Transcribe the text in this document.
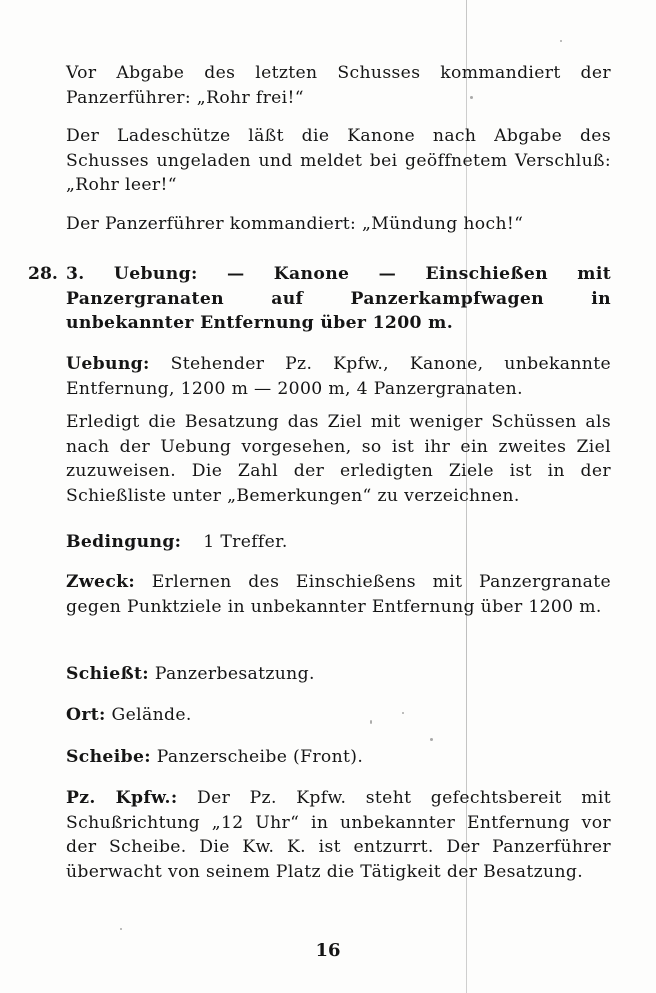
Vor Abgabe des letzten Schusses kommandiert der Panzerführer: „Rohr frei!“
Der Ladeschütze läßt die Kanone nach Abgabe des Schusses ungeladen und meldet bei geöffnetem Verschluß: „Rohr leer!“
Der Panzerführer kommandiert: „Mündung hoch!“
28. 3. Uebung: — Kanone — Einschießen mit Panzergranaten auf Panzerkampfwagen in unbekannter Entfernung über 1200 m.
Uebung: Stehender Pz. Kpfw., Kanone, unbekannte Entfernung, 1200 m — 2000 m, 4 Panzergranaten.
Erledigt die Besatzung das Ziel mit weniger Schüssen als nach der Uebung vorgesehen, so ist ihr ein zweites Ziel zuzuweisen. Die Zahl der erledigten Ziele ist in der Schießliste unter „Bemerkungen“ zu verzeichnen.
Bedingung: 1 Treffer.
Zweck: Erlernen des Einschießens mit Panzergranate gegen Punktziele in unbekannter Entfernung über 1200 m.
Schießt: Panzerbesatzung.
Ort: Gelände.
Scheibe: Panzerscheibe (Front).
Pz. Kpfw.: Der Pz. Kpfw. steht gefechtsbereit mit Schußrichtung „12 Uhr“ in unbekannter Entfernung vor der Scheibe. Die Kw. K. ist entzurrt. Der Panzerführer überwacht von seinem Platz die Tätigkeit der Besatzung.
16
